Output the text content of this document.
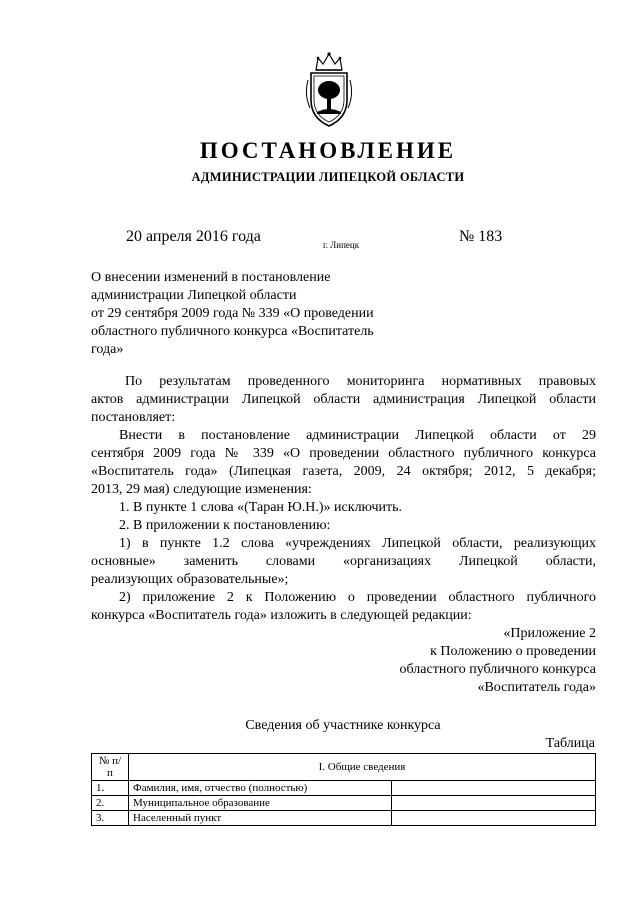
ПОСТАНОВЛЕНИЕ
АДМИНИСТРАЦИИ ЛИПЕЦКОЙ ОБЛАСТИ
20 апреля 2016 года	г. Липецк	№ 183
О внесении изменений в постановление
администрации Липецкой области
от 29 сентября 2009 года № 339 «О проведении
областного публичного конкурса «Воспитатель
года»
По результатам проведенного мониторинга нормативных правовых
актов администрации Липецкой области администрация Липецкой области
постановляет:
Внести в постановление администрации Липецкой области от 29
сентября 2009 года № 339 «О проведении областного публичного конкурса
«Воспитатель года» (Липецкая газета, 2009, 24 октября; 2012, 5 декабря;
2013, 29 мая) следующие изменения:
1. В пункте 1 слова «(Таран Ю.Н.)» исключить.
2. В приложении к постановлению:
1) в пункте 1.2 слова «учреждениях Липецкой области, реализующих
основные» заменить словами «организациях Липецкой области,
реализующих образовательные»;
2) приложение 2 к Положению о проведении областного публичного
конкурса «Воспитатель года» изложить в следующей редакции:
«Приложение 2
к Положению о проведении
областного публичного конкурса
«Воспитатель года»
Сведения об участнике конкурса
Таблица
№ п/п	I. Общие сведения	
1.	Фамилия, имя, отчество (полностью)	
2.	Муниципальное образование	
3.	Населенный пункт	
